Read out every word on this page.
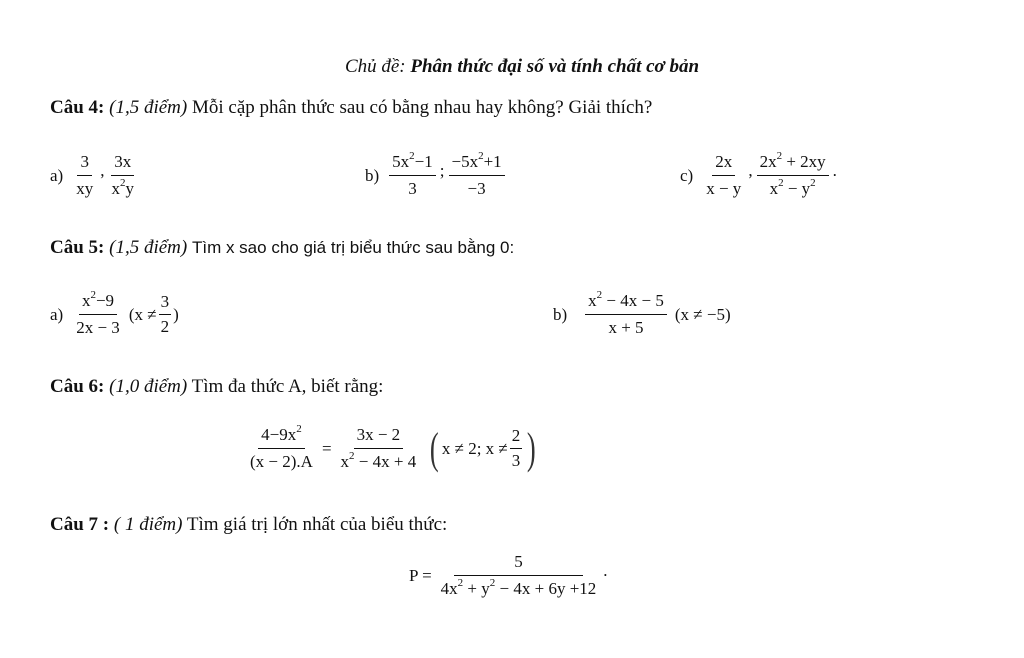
Chủ đề: Phân thức đại số và tính chất cơ bản
Câu 4: (1,5 điểm) Mỗi cặp phân thức sau có bằng nhau hay không? Giải thích?
$a) \frac{3}{xy}$ , $\frac{3x}{x^2y}$	$b) \frac{5x^2-1}{3}$ ; $\frac{-5x^2+1}{-3}$	$c) \frac{2x}{x - y}$ , $\frac{2x^2 + 2xy}{x^2 - y^2}$ .
Câu 5: (1,5 điểm) Tìm x sao cho giá trị biểu thức sau bằng 0:
$a) \frac{x^2-9}{2x - 3} (x \ne \frac{3}{2}$ )	$b) \frac{x^2 - 4x - 5}{x + 5} (x \ne -5)$
Câu 6: (1,0 điểm) Tìm đa thức A, biết rằng:
$\frac{4-9x^2}{(x - 2).A} = \frac{3x - 2}{x^2 - 4x + 4}$ ( x ≠ 2; $x \ne \frac{2}{3}$ )
Câu 7 : ( 1 điểm) Tìm giá trị lớn nhất của biểu thức:
$P = \frac{5}{4x^2 + y^2 - 4x + 6y +12}$ .
